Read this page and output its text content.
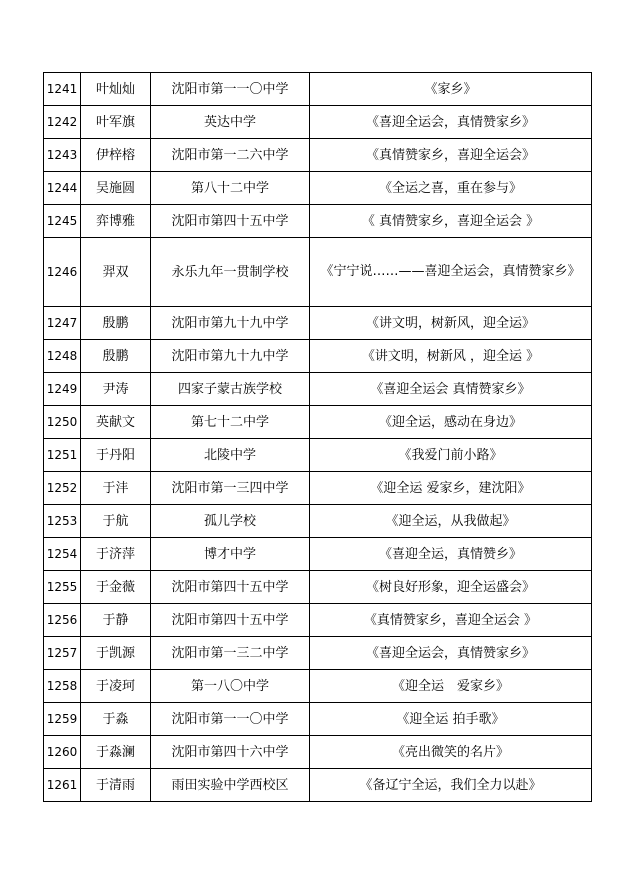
1241	叶灿灿	沈阳市第一一〇中学	《家乡》
1242	叶军旗	英达中学	《喜迎全运会，真情赞家乡》
1243	伊梓榕	沈阳市第一二六中学	《真情赞家乡，喜迎全运会》
1244	吴施圆	第八十二中学	《全运之喜，重在参与》
1245	弈博雅	沈阳市第四十五中学	《 真情赞家乡，喜迎全运会 》
1246	羿双	永乐九年一贯制学校	《宁宁说……——喜迎全运会，真情赞家乡》
1247	殷鹏	沈阳市第九十九中学	《讲文明，树新风，迎全运》
1248	殷鹏	沈阳市第九十九中学	《讲文明，树新风 ，迎全运 》
1249	尹涛	四家子蒙古族学校	《喜迎全运会 真情赞家乡》
1250	英献文	第七十二中学	《迎全运，感动在身边》
1251	于丹阳	北陵中学	《我爱门前小路》
1252	于沣	沈阳市第一三四中学	《迎全运 爱家乡，建沈阳》
1253	于航	孤儿学校	《迎全运，从我做起》
1254	于济萍	博才中学	《喜迎全运，真情赞乡》
1255	于金薇	沈阳市第四十五中学	《树良好形象，迎全运盛会》
1256	于静	沈阳市第四十五中学	《真情赞家乡，喜迎全运会 》
1257	于凯源	沈阳市第一三二中学	《喜迎全运会，真情赞家乡》
1258	于凌珂	第一八〇中学	《迎全运　爱家乡》
1259	于淼	沈阳市第一一〇中学	《迎全运 拍手歌》
1260	于淼澜	沈阳市第四十六中学	《亮出微笑的名片》
1261	于清雨	雨田实验中学西校区	《备辽宁全运，我们全力以赴》
